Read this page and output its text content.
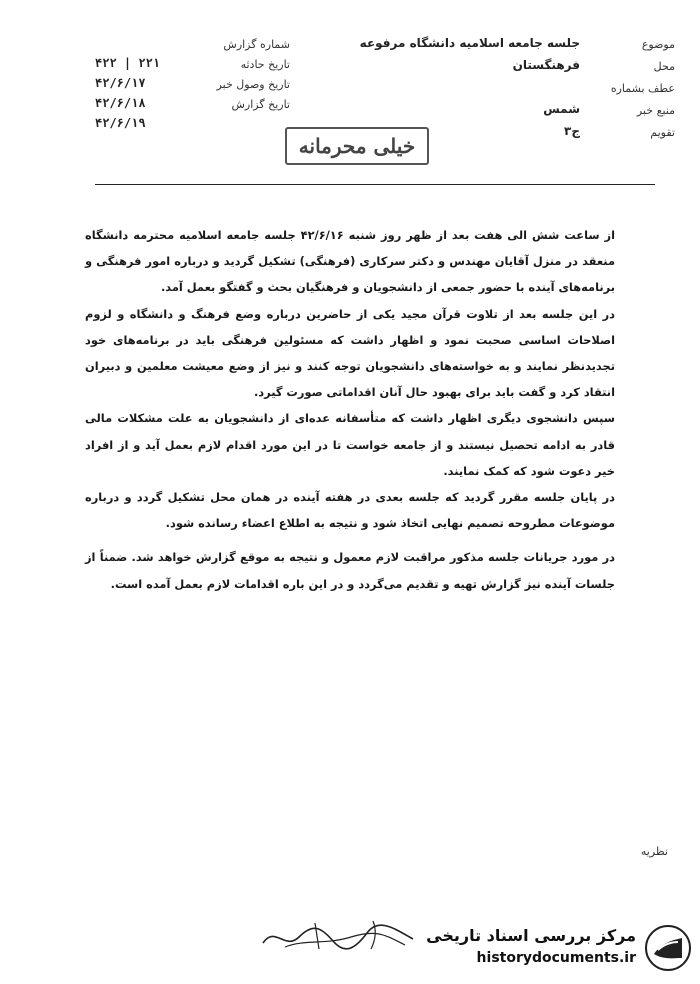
موضوع
جلسه جامعه اسلامیه دانشگاه مرفوعه
محل
فرهنگستان
عطف بشماره
منبع خبر
شمس
تقویم
ج۳
شماره گزارش
تاریخ حادثه
۴۲۲ | ۲۲۱
تاریخ وصول خبر
۴۲/۶/۱۷
تاریخ گزارش
۴۲/۶/۱۸
۴۲/۶/۱۹
خیلی محرمانه

از ساعت شش الی هفت بعد از ظهر روز شنبه ۴۲/۶/۱۶ جلسه جامعه اسلامیه محترمه دانشگاه منعقد در منزل آقایان مهندس و دکتر سرکاری (فرهنگی) تشکیل گردید و درباره امور فرهنگی و برنامه‌های آینده با حضور جمعی از دانشجویان و فرهنگیان بحث و گفتگو بعمل آمد.

در این جلسه بعد از تلاوت قرآن مجید یکی از حاضرین درباره وضع فرهنگ و دانشگاه و لزوم اصلاحات اساسی صحبت نمود و اظهار داشت که مسئولین فرهنگی باید در برنامه‌های خود تجدیدنظر نمایند و به خواسته‌های دانشجویان توجه کنند و نیز از وضع معیشت معلمین و دبیران انتقاد کرد و گفت باید برای بهبود حال آنان اقداماتی صورت گیرد.

سپس دانشجوی دیگری اظهار داشت که متأسفانه عده‌ای از دانشجویان به علت مشکلات مالی قادر به ادامه تحصیل نیستند و از جامعه خواست تا در این مورد اقدام لازم بعمل آید و از افراد خیر دعوت شود که کمک نمایند.

در پایان جلسه مقرر گردید که جلسه بعدی در هفته آینده در همان محل تشکیل گردد و درباره موضوعات مطروحه تصمیم نهایی اتخاذ شود و نتیجه به اطلاع اعضاء رسانده شود.

در مورد جریانات جلسه مذکور مراقبت لازم معمول و نتیجه به موقع گزارش خواهد شد. ضمناً از جلسات آینده نیز گزارش تهیه و تقدیم می‌گردد و در این باره اقدامات لازم بعمل آمده است.

نظریه
مرکز بررسی اسناد تاریخی
historydocuments.ir
